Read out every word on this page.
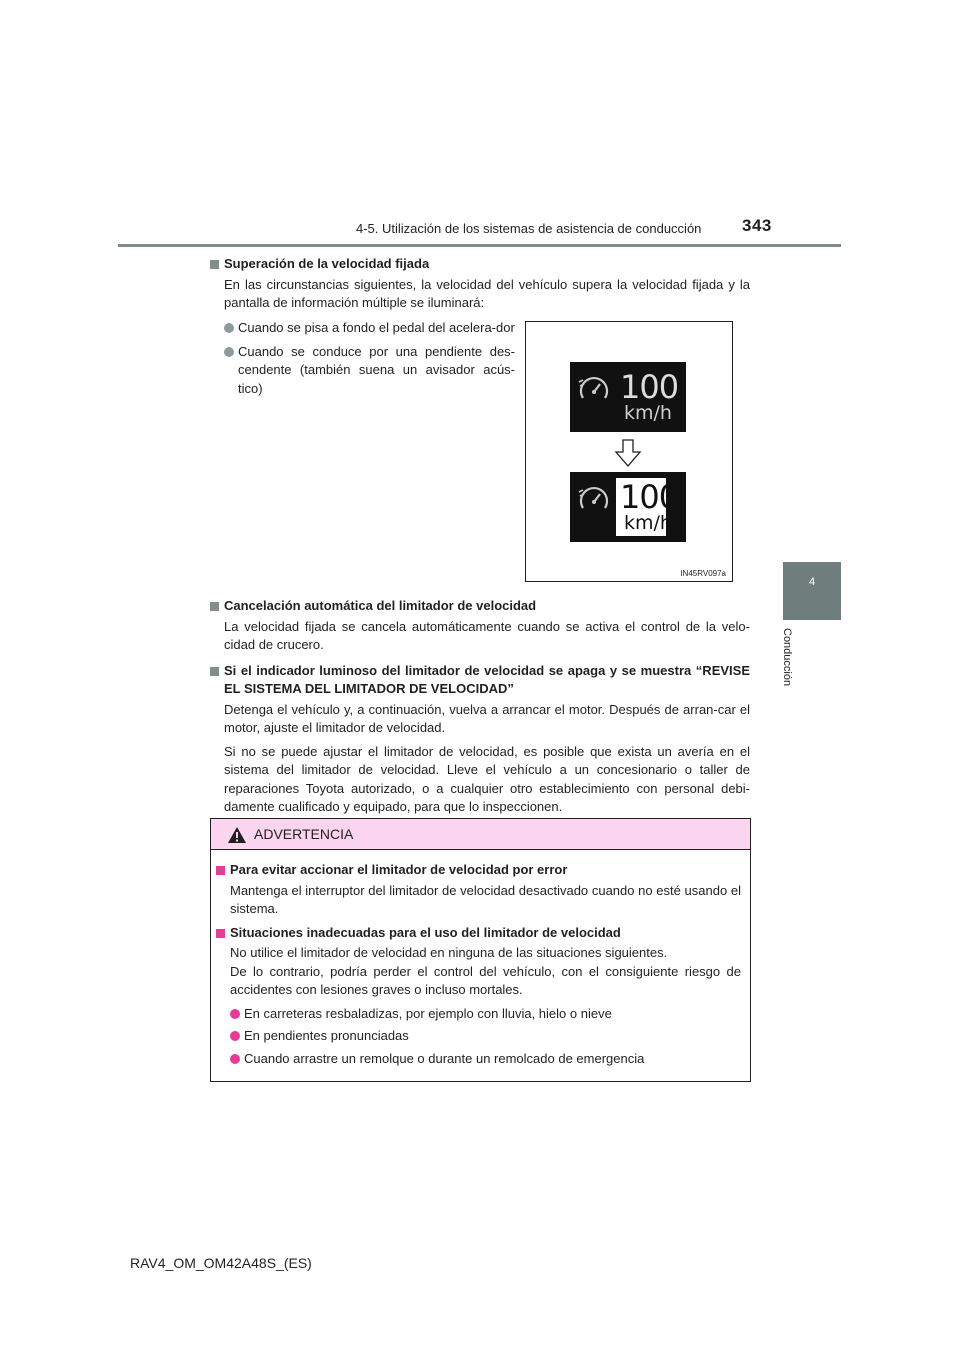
4-5. Utilización de los sistemas de asistencia de conducción 343
4
Conducción
Superación de la velocidad fijada
En las circunstancias siguientes, la velocidad del vehículo supera la velocidad fijada y la pantalla de información múltiple se iluminará:
Cuando se pisa a fondo el pedal del acelera-dor
Cuando se conduce por una pendiente des-cendente (también suena un avisador acús-tico)	100
km/h
100
km/h
IN45RV097a
Cancelación automática del limitador de velocidad
La velocidad fijada se cancela automáticamente cuando se activa el control de la velo-cidad de crucero.
Si el indicador luminoso del limitador de velocidad se apaga y se muestra “REVISE EL SISTEMA DEL LIMITADOR DE VELOCIDAD”
Detenga el vehículo y, a continuación, vuelva a arrancar el motor. Después de arran-car el motor, ajuste el limitador de velocidad.
Si no se puede ajustar el limitador de velocidad, es posible que exista un avería en el sistema del limitador de velocidad. Lleve el vehículo a un concesionario o taller de reparaciones Toyota autorizado, o a cualquier otro establecimiento con personal debi-damente cualificado y equipado, para que lo inspeccionen.
ADVERTENCIA
Para evitar accionar el limitador de velocidad por error
Mantenga el interruptor del limitador de velocidad desactivado cuando no esté usando el sistema.
Situaciones inadecuadas para el uso del limitador de velocidad
No utilice el limitador de velocidad en ninguna de las situaciones siguientes.
De lo contrario, podría perder el control del vehículo, con el consiguiente riesgo de accidentes con lesiones graves o incluso mortales.
En carreteras resbaladizas, por ejemplo con lluvia, hielo o nieve
En pendientes pronunciadas
Cuando arrastre un remolque o durante un remolcado de emergencia
RAV4_OM_OM42A48S_(ES)
